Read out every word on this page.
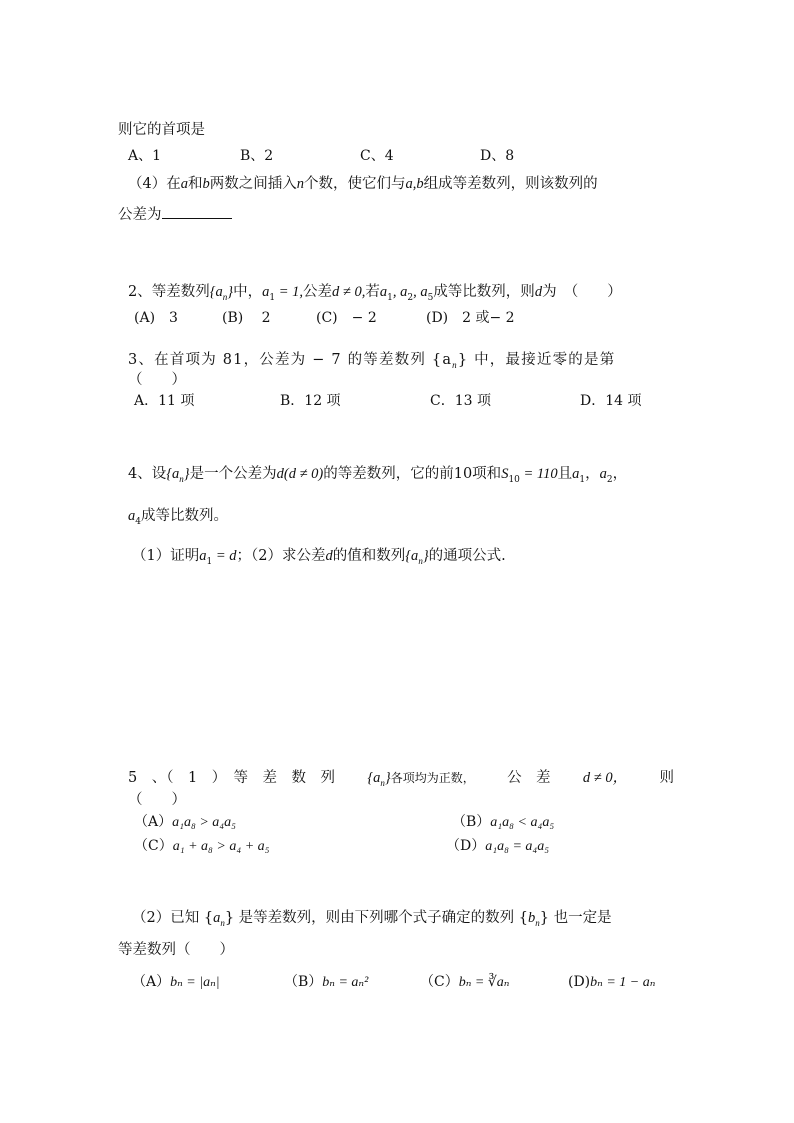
则它的首项是
A、1	B、2	C、4	D、8
（4）在a和b两数之间插入n个数，使它们与a,b组成等差数列，则该数列的
公差为
2、等差数列$\{a_n\}$中，$a_1 = 1$,公差d ≠ 0,若$a_1$, $a_2$, $a_5$成等比数列，则d为　（　　）
(A)　3	(B)　 2	(C)　− 2	(D)　2 或− 2
3、在首项为 81，公差为 − 7 的等差数列 $\{a_n\}$ 中，最接近零的是第
（　　）
A．11 项	B．12 项	C．13 项	D．14 项
4、设$\{a_n\}$是一个公差为d(d ≠ 0)的等差数列，它的前10项和$S_{10} = 110$且$a_1$，$a_2$，
$a_4$成等比数列。
（1）证明$a_1 = d$；（2）求公差d的值和数列$\{a_n\}$的通项公式.
5　、（　1　）　等　差　数　列 $\{a_n\}$各项均为正数， 公　差 d ≠ 0， 则
（　　）
（A）a₁a₈ > a₄a₅	（B）a₁a₈ < a₄a₅
（C）a₁ + a₈ > a₄ + a₅	（D）a₁a₈ = a₄a₅
（2）已知 $\{a_n\}$ 是等差数列，则由下列哪个式子确定的数列 $\{b_n\}$ 也一定是
等差数列（　　）
（A）bₙ = |aₙ|	（B）bₙ = aₙ²	（C）bₙ = ∛aₙ	(D)bₙ = 1 − aₙ
